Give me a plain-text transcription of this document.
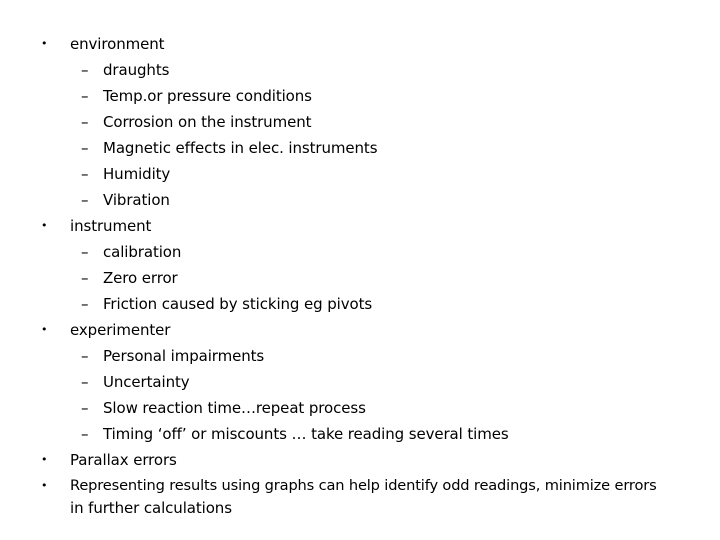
• environment
– draughts
– Temp.or pressure conditions
– Corrosion on the instrument
– Magnetic effects in elec. instruments
– Humidity
– Vibration
• instrument
– calibration
– Zero error
– Friction caused by sticking eg pivots
• experimenter
– Personal impairments
– Uncertainty
– Slow reaction time…repeat process
– Timing ‘off’ or miscounts … take reading several times
• Parallax errors
• Representing results using graphs can help identify odd readings, minimize errors
in further calculations
